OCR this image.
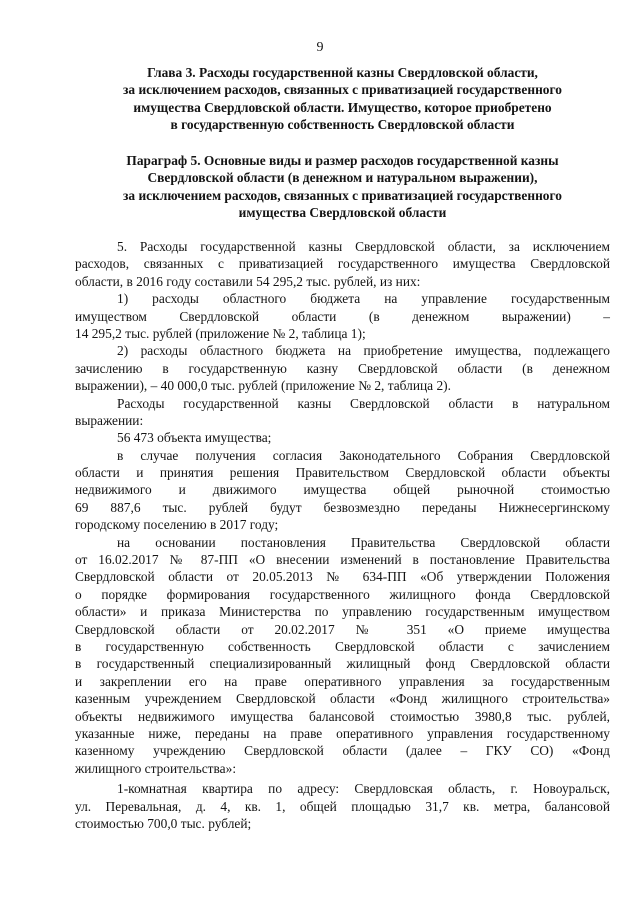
9
Глава 3. Расходы государственной казны Свердловской области,
за исключением расходов, связанных с приватизацией государственного
имущества Свердловской области. Имущество, которое приобретено
в государственную собственность Свердловской области
Параграф 5. Основные виды и размер расходов государственной казны
Свердловской области (в денежном и натуральном выражении),
за исключением расходов, связанных с приватизацией государственного
имущества Свердловской области
5. Расходы государственной казны Свердловской области, за исключением
расходов, связанных с приватизацией государственного имущества Свердловской
области, в 2016 году составили 54 295,2 тыс. рублей, из них:
1) расходы областного бюджета на управление государственным
имуществом Свердловской области (в денежном выражении) –
14 295,2 тыс. рублей (приложение № 2, таблица 1);
2) расходы областного бюджета на приобретение имущества, подлежащего
зачислению в государственную казну Свердловской области (в денежном
выражении), – 40 000,0 тыс. рублей (приложение № 2, таблица 2).
Расходы государственной казны Свердловской области в натуральном
выражении:
56 473 объекта имущества;
в случае получения согласия Законодательного Собрания Свердловской
области и принятия решения Правительством Свердловской области объекты
недвижимого и движимого имущества общей рыночной стоимостью
69 887,6 тыс. рублей будут безвозмездно переданы Нижнесергинскому
городскому поселению в 2017 году;
на основании постановления Правительства Свердловской области
от 16.02.2017 № 87-ПП «О внесении изменений в постановление Правительства
Свердловской области от 20.05.2013 № 634-ПП «Об утверждении Положения
о порядке формирования государственного жилищного фонда Свердловской
области» и приказа Министерства по управлению государственным имуществом
Свердловской области от 20.02.2017 № 351 «О приеме имущества
в государственную собственность Свердловской области с зачислением
в государственный специализированный жилищный фонд Свердловской области
и закреплении его на праве оперативного управления за государственным
казенным учреждением Свердловской области «Фонд жилищного строительства»
объекты недвижимого имущества балансовой стоимостью 3980,8 тыс. рублей,
указанные ниже, переданы на праве оперативного управления государственному
казенному учреждению Свердловской области (далее – ГКУ СО) «Фонд
жилищного строительства»:
1-комнатная квартира по адресу: Свердловская область, г. Новоуральск,
ул. Перевальная, д. 4, кв. 1, общей площадью 31,7 кв. метра, балансовой
стоимостью 700,0 тыс. рублей;
